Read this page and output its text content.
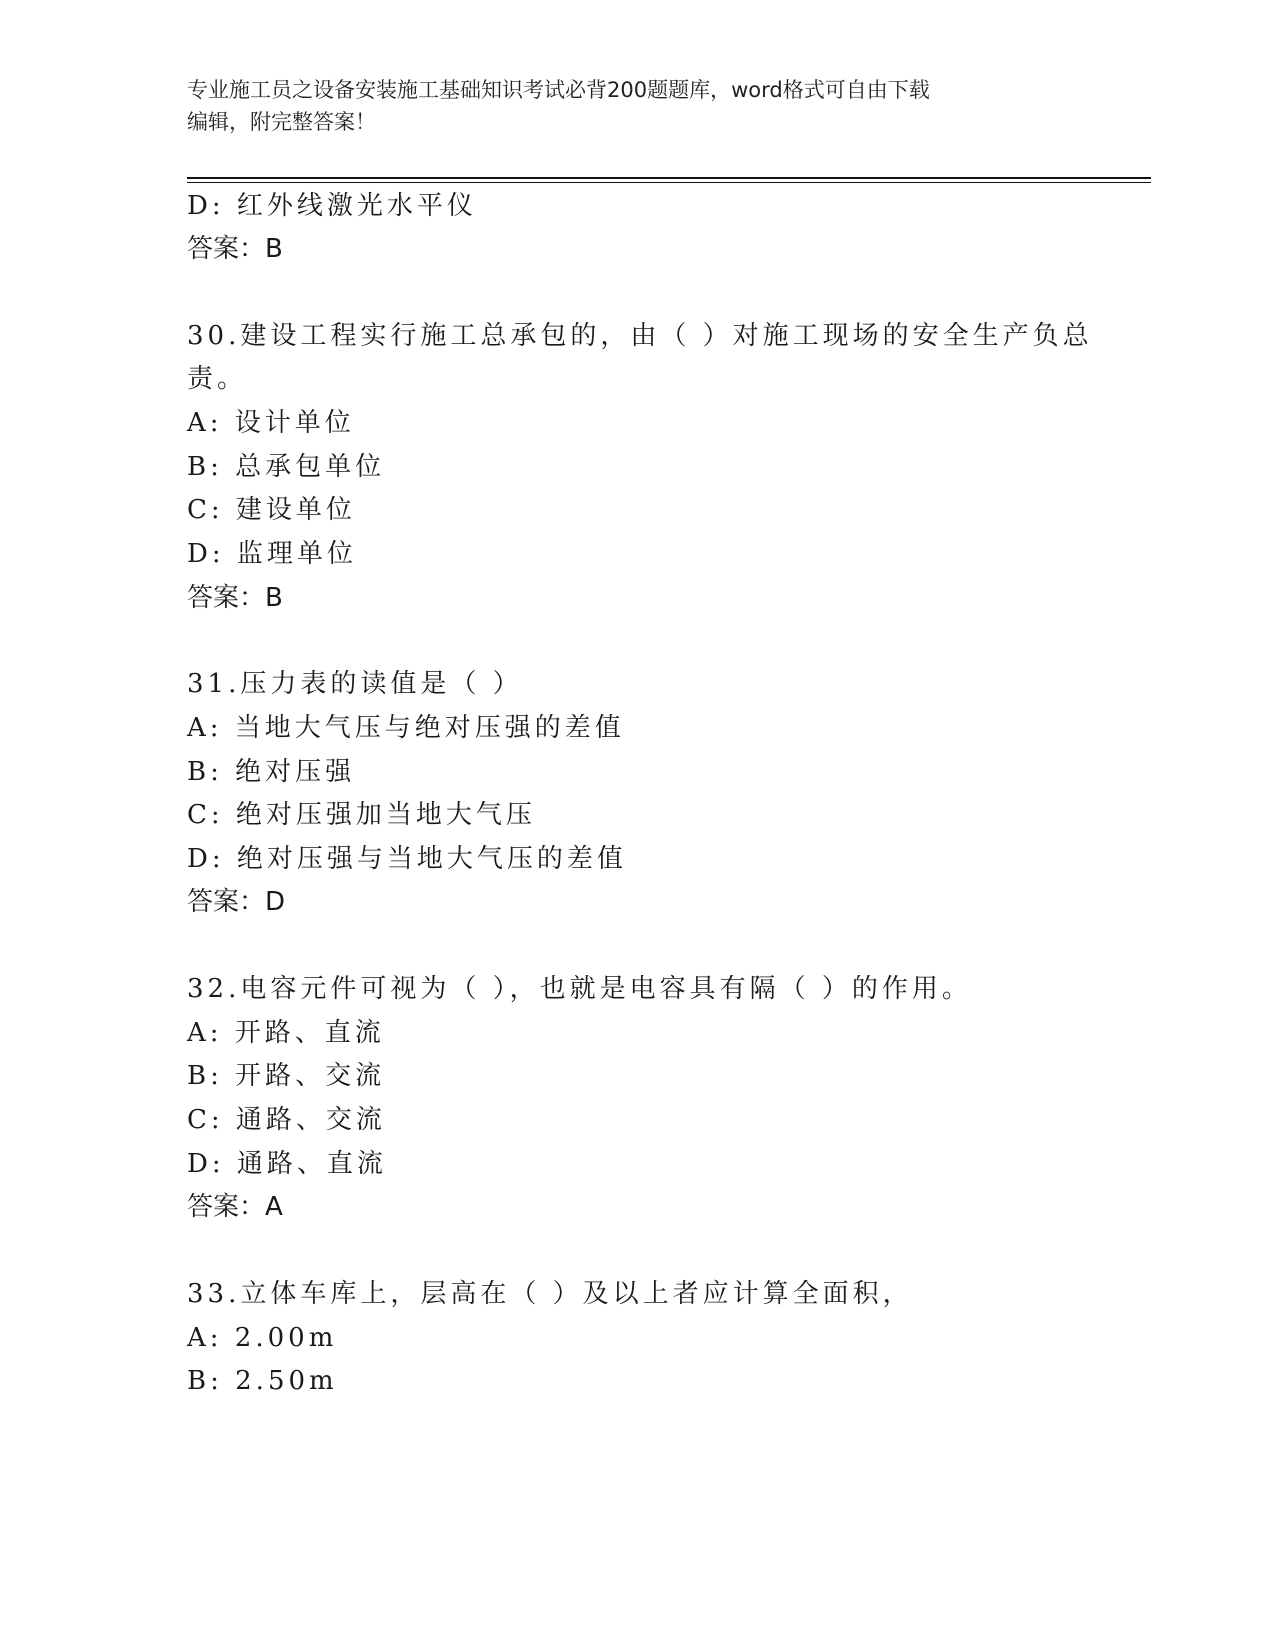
专业施工员之设备安装施工基础知识考试必背200题题库，word格式可自由下载
编辑，附完整答案！
D: 红外线激光水平仪
答案：B
30.建设工程实行施工总承包的，由（ ）对施工现场的安全生产负总
责。
A: 设计单位
B: 总承包单位
C: 建设单位
D: 监理单位
答案：B
31.压力表的读值是（ ）
A: 当地大气压与绝对压强的差值
B: 绝对压强
C: 绝对压强加当地大气压
D: 绝对压强与当地大气压的差值
答案：D
32.电容元件可视为（ ），也就是电容具有隔（ ）的作用。
A: 开路、直流
B: 开路、交流
C: 通路、交流
D: 通路、直流
答案：A
33.立体车库上，层高在（ ）及以上者应计算全面积，
A: 2.00m
B: 2.50m
